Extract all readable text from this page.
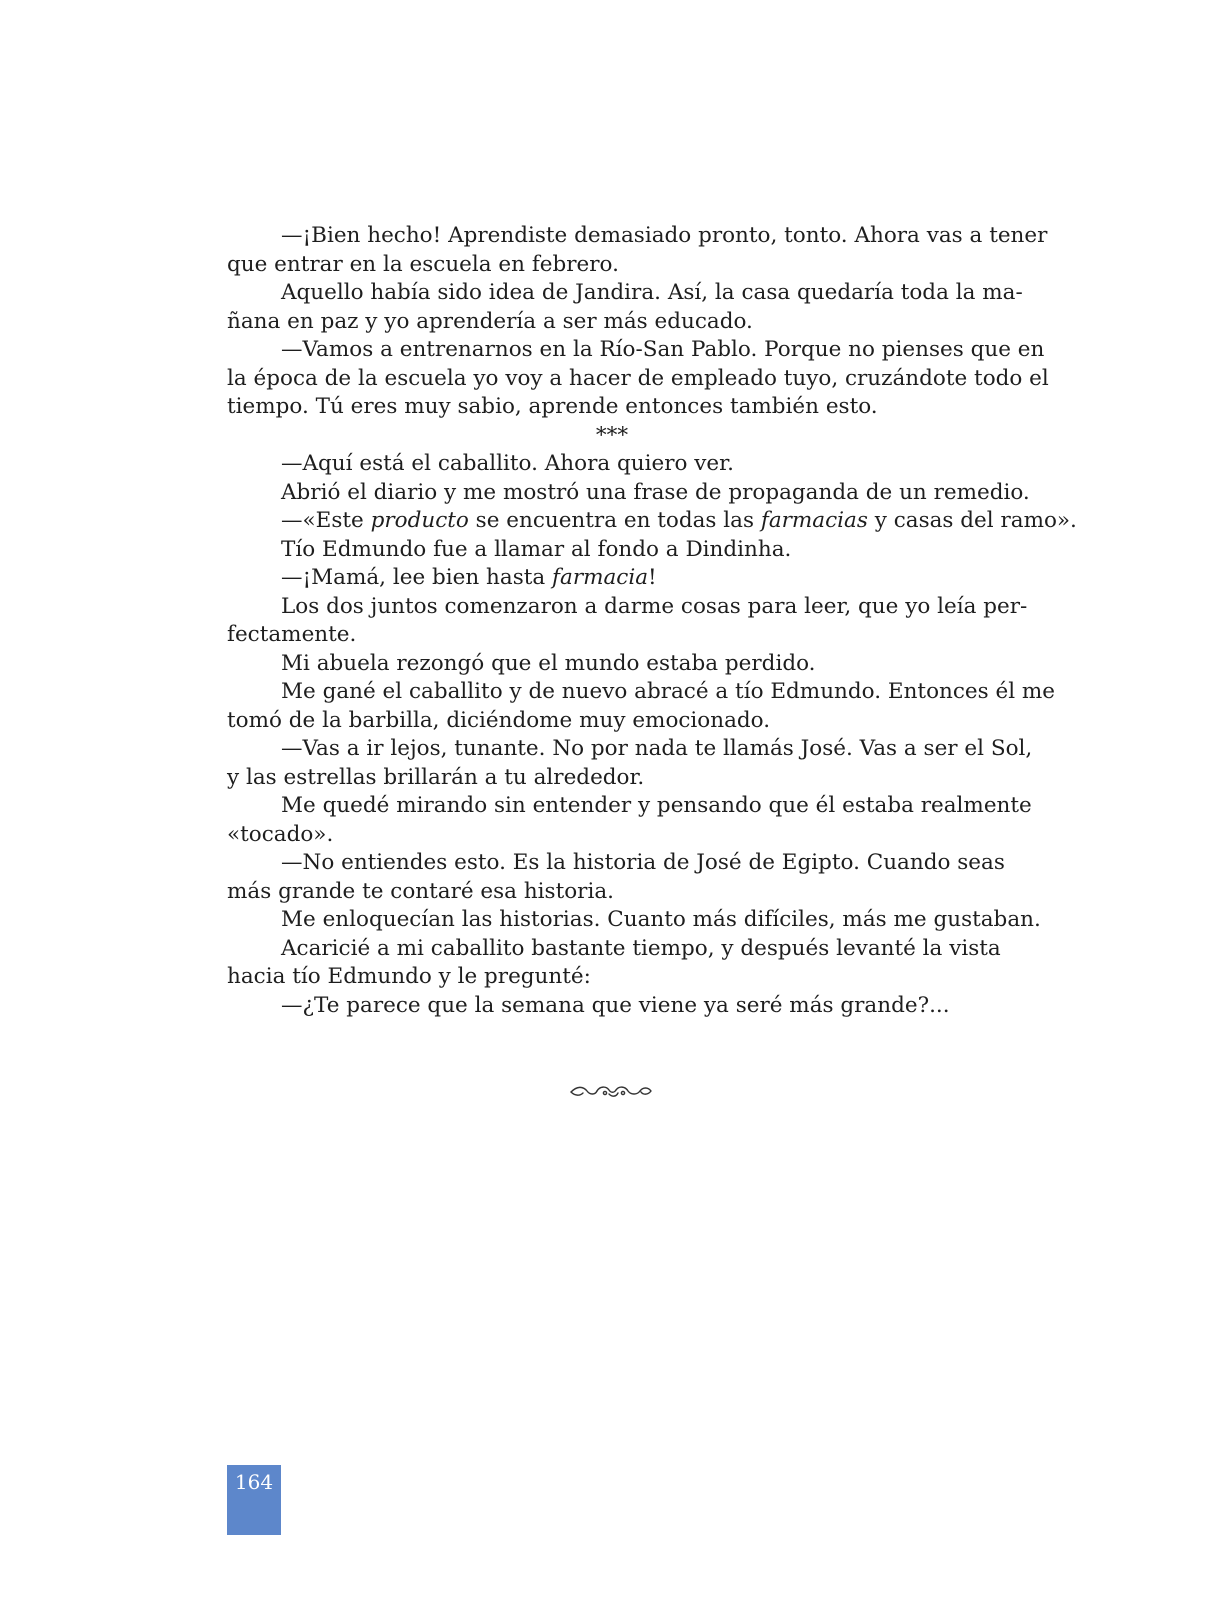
—¡Bien hecho! Aprendiste demasiado pronto, tonto. Ahora vas a tener
que entrar en la escuela en febrero.
Aquello había sido idea de Jandira. Así, la casa quedaría toda la ma-
ñana en paz y yo aprendería a ser más educado.
—Vamos a entrenarnos en la Río-San Pablo. Porque no pienses que en
la época de la escuela yo voy a hacer de empleado tuyo, cruzándote todo el
tiempo. Tú eres muy sabio, aprende entonces también esto.
***
—Aquí está el caballito. Ahora quiero ver.
Abrió el diario y me mostró una frase de propaganda de un remedio.
—«Este producto se encuentra en todas las farmacias y casas del ramo».
Tío Edmundo fue a llamar al fondo a Dindinha.
—¡Mamá, lee bien hasta farmacia!
Los dos juntos comenzaron a darme cosas para leer, que yo leía per-
fectamente.
Mi abuela rezongó que el mundo estaba perdido.
Me gané el caballito y de nuevo abracé a tío Edmundo. Entonces él me
tomó de la barbilla, diciéndome muy emocionado.
—Vas a ir lejos, tunante. No por nada te llamás José. Vas a ser el Sol,
y las estrellas brillarán a tu alrededor.
Me quedé mirando sin entender y pensando que él estaba realmente
«tocado».
—No entiendes esto. Es la historia de José de Egipto. Cuando seas
más grande te contaré esa historia.
Me enloquecían las historias. Cuanto más difíciles, más me gustaban.
Acaricié a mi caballito bastante tiempo, y después levanté la vista
hacia tío Edmundo y le pregunté:
—¿Te parece que la semana que viene ya seré más grande?...
164
